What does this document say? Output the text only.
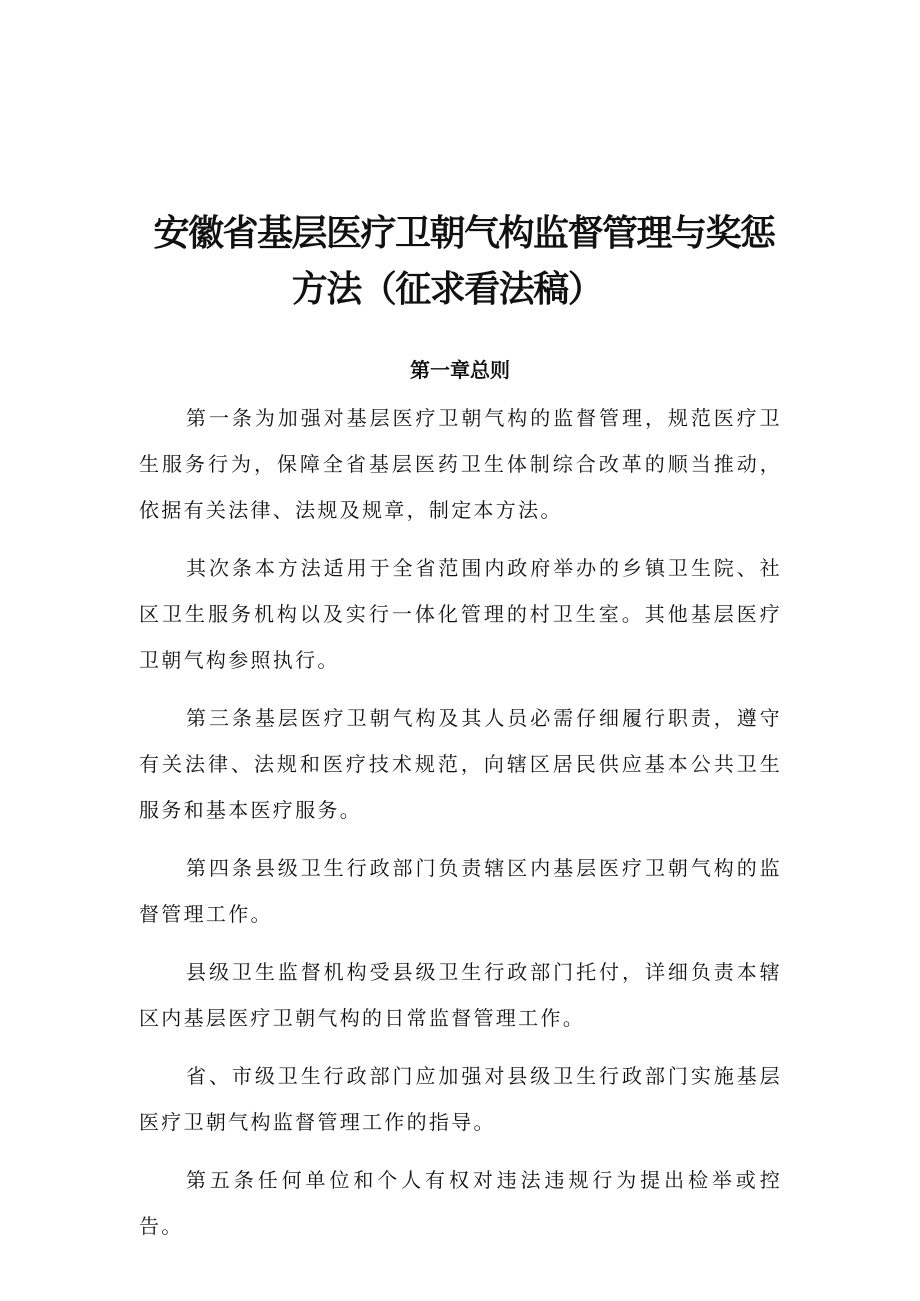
安徽省基层医疗卫朝气构监督管理与奖惩
方法（征求看法稿）
第一章总则

第一条为加强对基层医疗卫朝气构的监督管理，规范医疗卫生服务行为，保障全省基层医药卫生体制综合改革的顺当推动，依据有关法律、法规及规章，制定本方法。

其次条本方法适用于全省范围内政府举办的乡镇卫生院、社区卫生服务机构以及实行一体化管理的村卫生室。其他基层医疗卫朝气构参照执行。

第三条基层医疗卫朝气构及其人员必需仔细履行职责，遵守有关法律、法规和医疗技术规范，向辖区居民供应基本公共卫生服务和基本医疗服务。

第四条县级卫生行政部门负责辖区内基层医疗卫朝气构的监督管理工作。

县级卫生监督机构受县级卫生行政部门托付，详细负责本辖区内基层医疗卫朝气构的日常监督管理工作。

省、市级卫生行政部门应加强对县级卫生行政部门实施基层医疗卫朝气构监督管理工作的指导。

第五条任何单位和个人有权对违法违规行为提出检举或控告。
